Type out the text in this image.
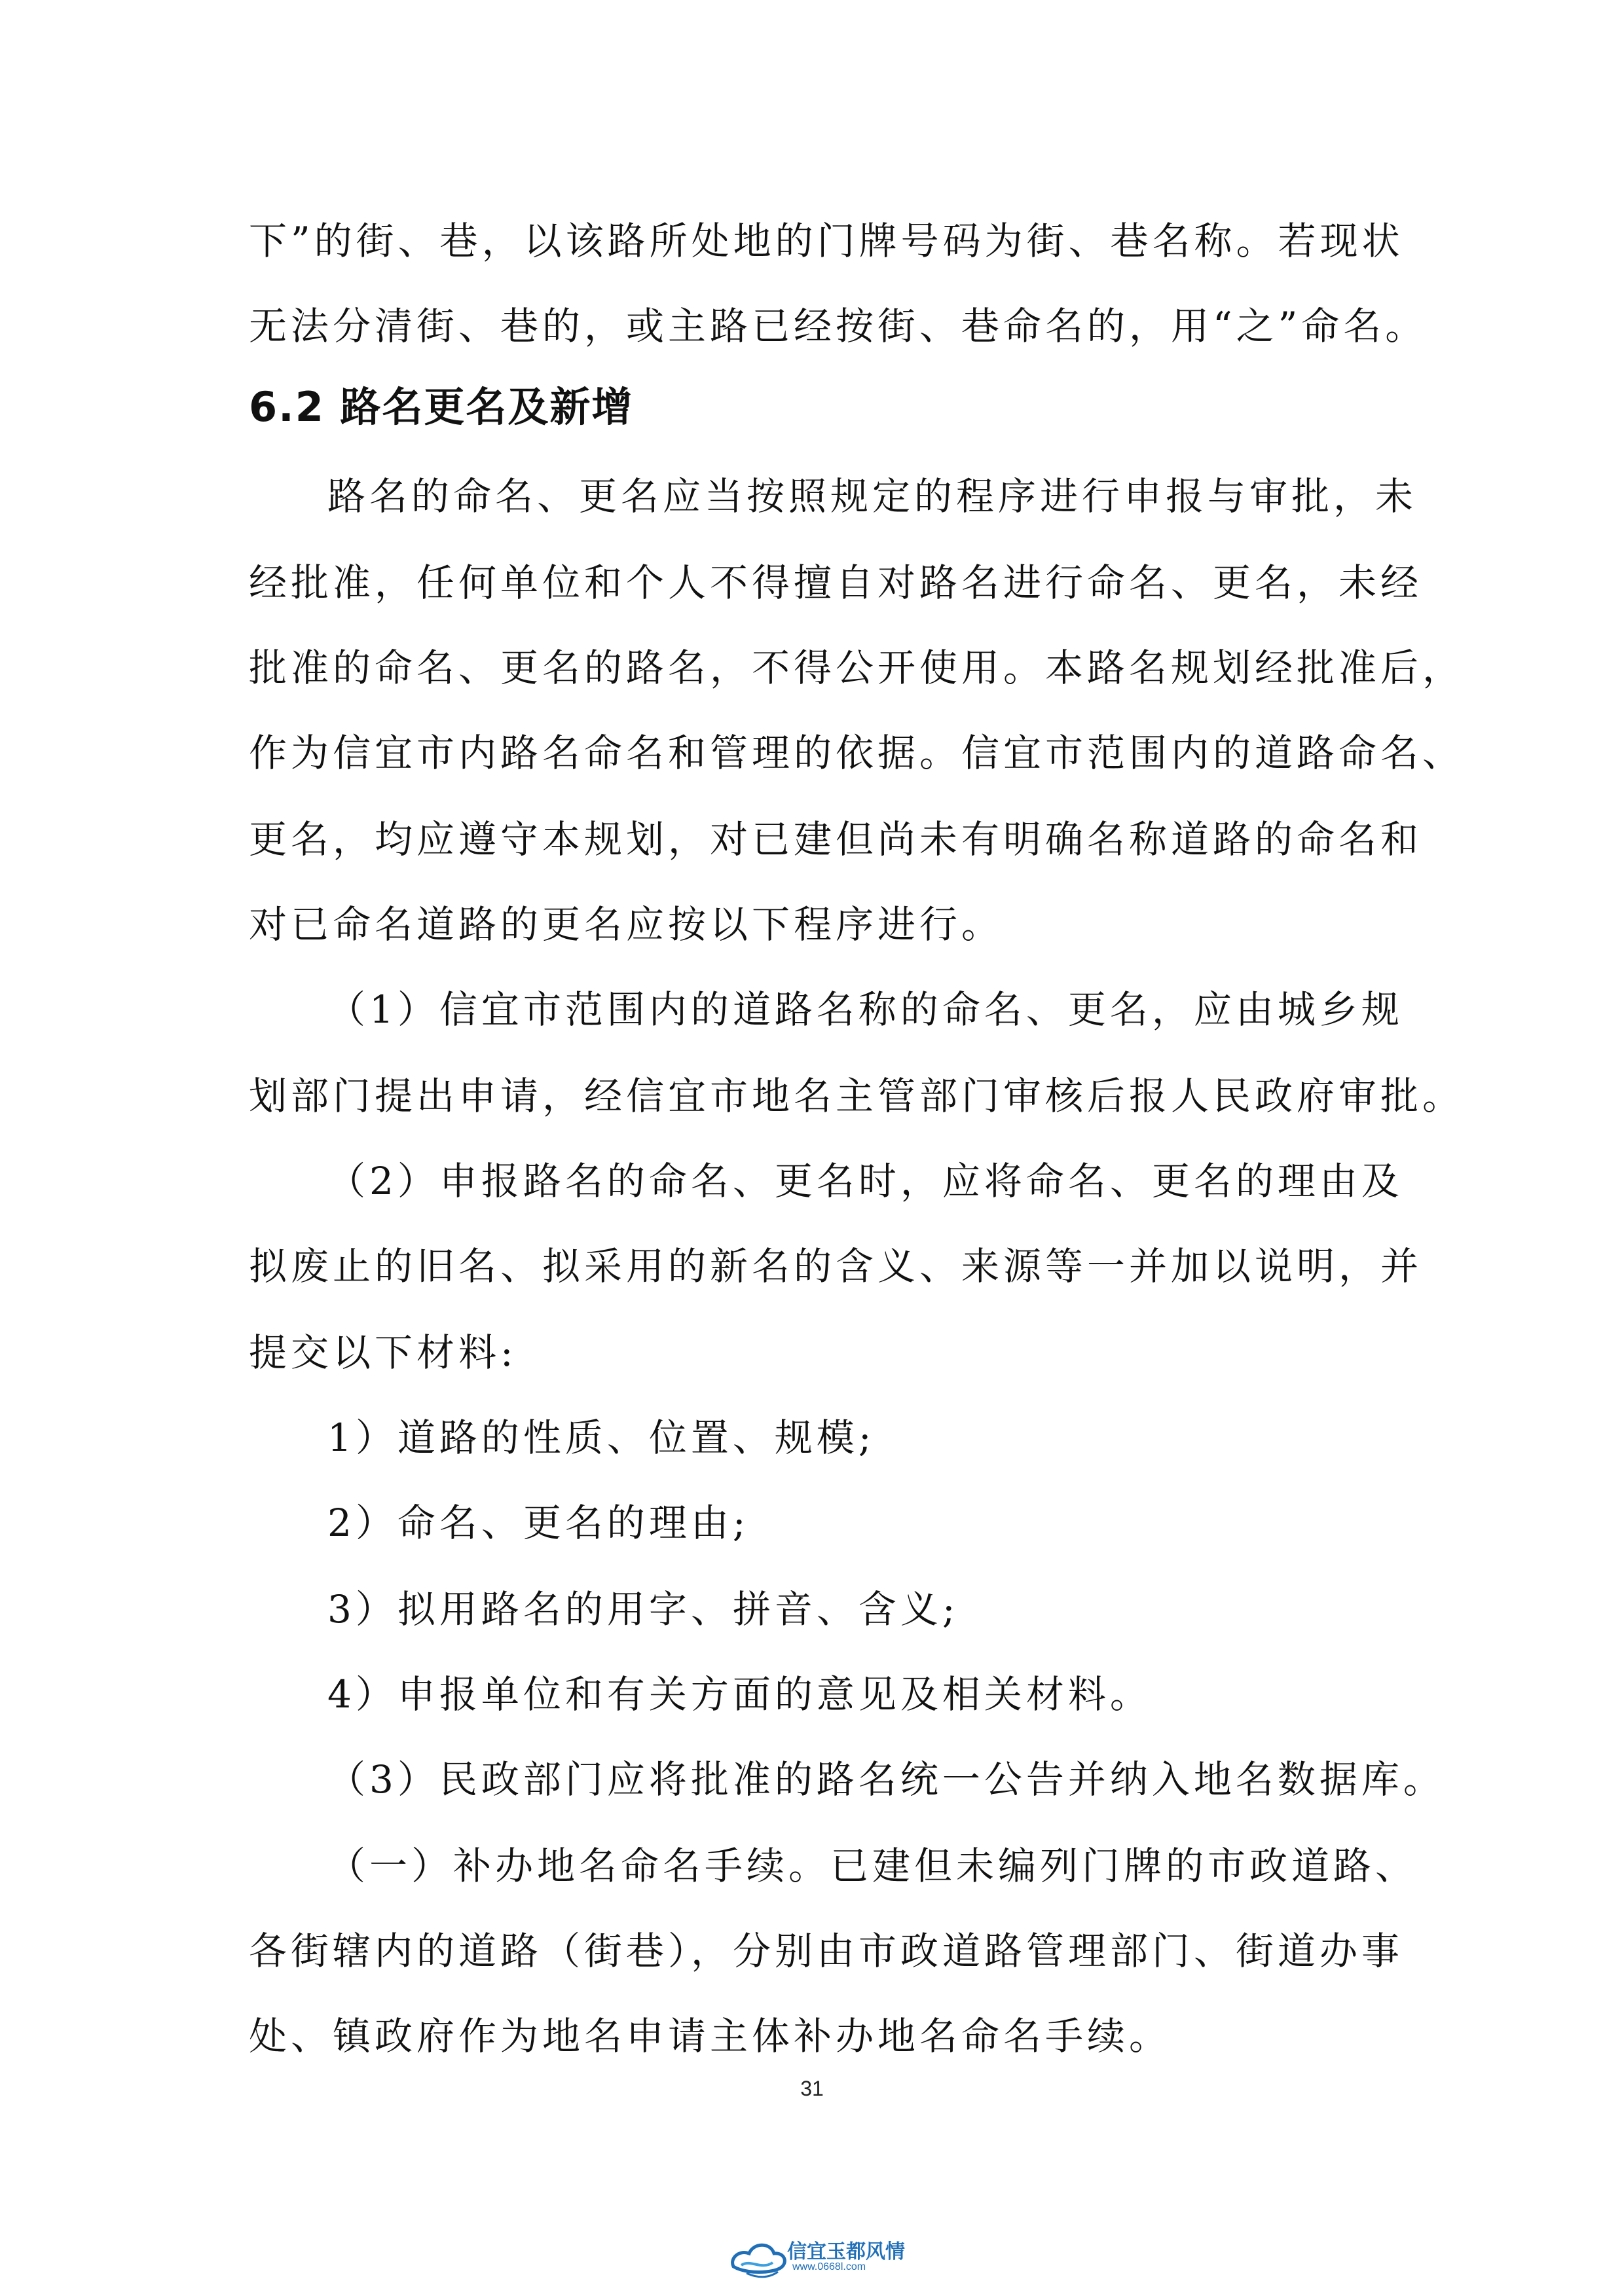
下”的街、巷，以该路所处地的门牌号码为街、巷名称。若现状
无法分清街、巷的，或主路已经按街、巷命名的，用“之”命名。
6.2 路名更名及新增
路名的命名、更名应当按照规定的程序进行申报与审批，未
经批准，任何单位和个人不得擅自对路名进行命名、更名，未经
批准的命名、更名的路名，不得公开使用。本路名规划经批准后，
作为信宜市内路名命名和管理的依据。信宜市范围内的道路命名、
更名，均应遵守本规划，对已建但尚未有明确名称道路的命名和
对已命名道路的更名应按以下程序进行。
（1）信宜市范围内的道路名称的命名、更名，应由城乡规
划部门提出申请，经信宜市地名主管部门审核后报人民政府审批。
（2）申报路名的命名、更名时，应将命名、更名的理由及
拟废止的旧名、拟采用的新名的含义、来源等一并加以说明，并
提交以下材料:
1）道路的性质、位置、规模;
2）命名、更名的理由;
3）拟用路名的用字、拼音、含义;
4）申报单位和有关方面的意见及相关材料。
（3）民政部门应将批准的路名统一公告并纳入地名数据库。
（一）补办地名命名手续。已建但未编列门牌的市政道路、
各街辖内的道路（街巷），分别由市政道路管理部门、街道办事
处、镇政府作为地名申请主体补办地名命名手续。
31
信宜玉都风情
www.0668l.com
